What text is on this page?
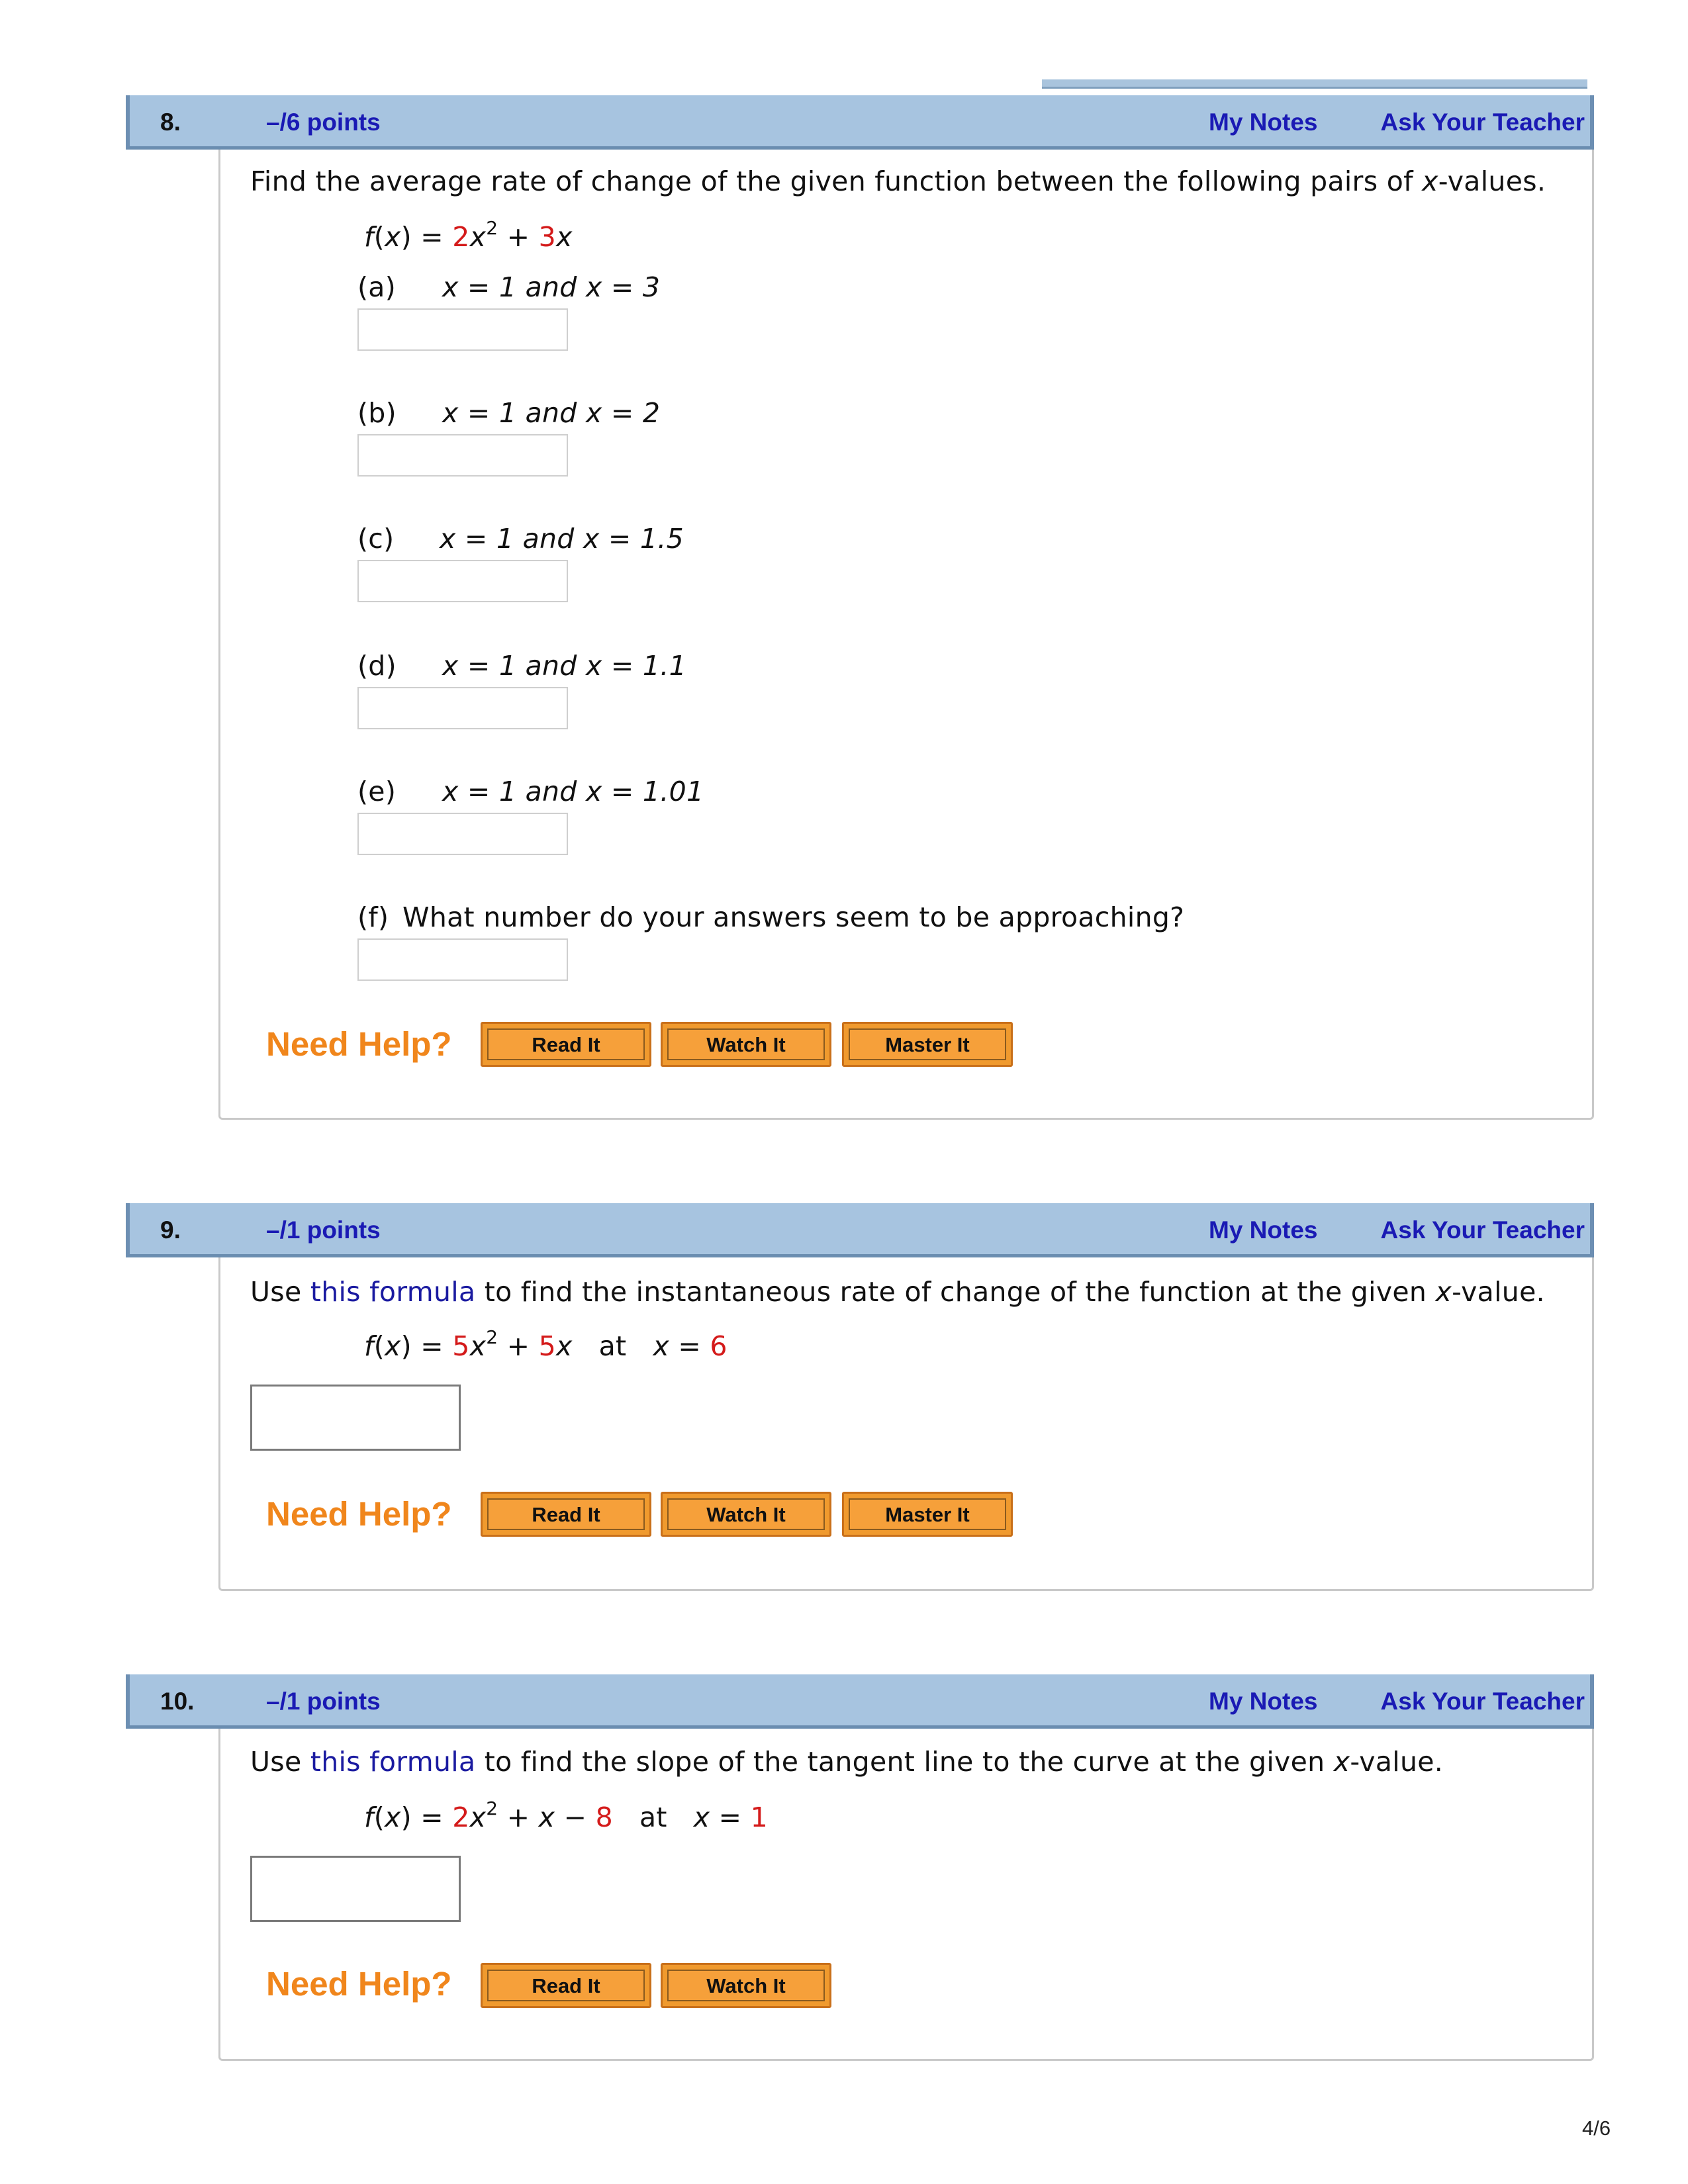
8.	–/6 points	My Notes	Ask Your Teacher
Find the average rate of change of the given function between the following pairs of x-values.
$f(x) = 2x^2 + 3x$
(a) x = 1 and x = 3
(b) x = 1 and x = 2
(c) x = 1 and x = 1.5
(d) x = 1 and x = 1.1
(e) x = 1 and x = 1.01
(f) What number do your answers seem to be approaching?
Need Help?	Read It	Watch It	Master It
9.	–/1 points	My Notes	Ask Your Teacher
Use this formula to find the instantaneous rate of change of the function at the given x-value.
$f(x) = 5x^2 + 5x$ at x = 6
Need Help?	Read It	Watch It	Master It
10.	–/1 points	My Notes	Ask Your Teacher
Use this formula to find the slope of the tangent line to the curve at the given x-value.
$f(x) = 2x^2 + x - 8$ at x = 1
Need Help?	Read It	Watch It
4/6
